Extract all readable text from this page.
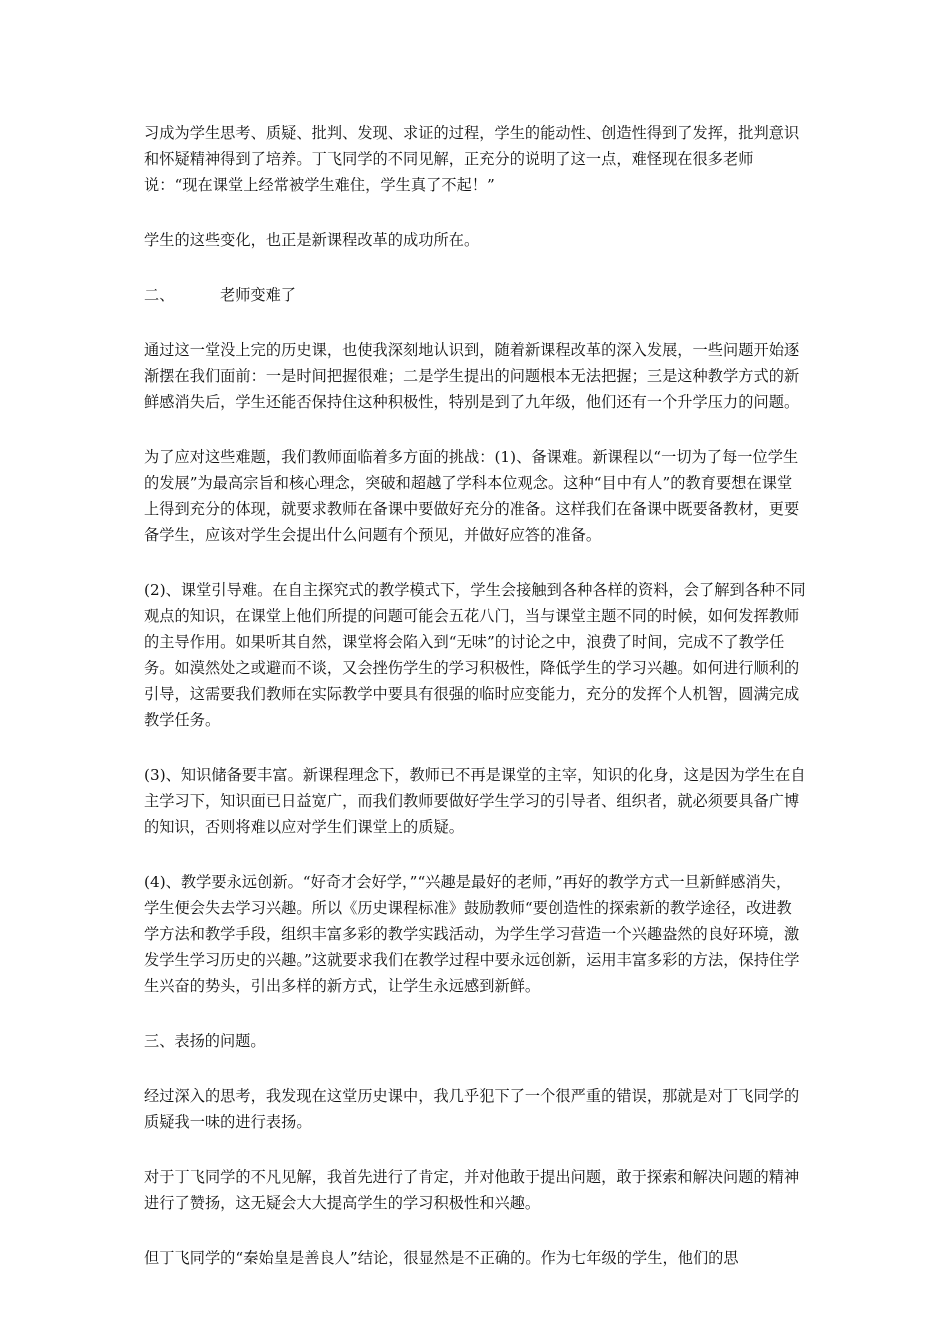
习成为学生思考、质疑、批判、发现、求证的过程，学生的能动性、创造性得到了发挥，批判意识和怀疑精神得到了培养。丁飞同学的不同见解，正充分的说明了这一点，难怪现在很多老师说：“现在课堂上经常被学生难住，学生真了不起！”

学生的这些变化，也正是新课程改革的成功所在。

二、	老师变难了

通过这一堂没上完的历史课，也使我深刻地认识到，随着新课程改革的深入发展，一些问题开始逐渐摆在我们面前：一是时间把握很难；二是学生提出的问题根本无法把握；三是这种教学方式的新鲜感消失后，学生还能否保持住这种积极性，特别是到了九年级，他们还有一个升学压力的问题。

为了应对这些难题，我们教师面临着多方面的挑战：(1)、备课难。新课程以“一切为了每一位学生的发展”为最高宗旨和核心理念，突破和超越了学科本位观念。这种“目中有人”的教育要想在课堂上得到充分的体现，就要求教师在备课中要做好充分的准备。这样我们在备课中既要备教材，更要备学生，应该对学生会提出什么问题有个预见，并做好应答的准备。

(2)、课堂引导难。在自主探究式的教学模式下，学生会接触到各种各样的资料，会了解到各种不同观点的知识，在课堂上他们所提的问题可能会五花八门，当与课堂主题不同的时候，如何发挥教师的主导作用。如果听其自然，课堂将会陷入到“无味”的讨论之中，浪费了时间，完成不了教学任务。如漠然处之或避而不谈，又会挫伤学生的学习积极性，降低学生的学习兴趣。如何进行顺利的引导，这需要我们教师在实际教学中要具有很强的临时应变能力，充分的发挥个人机智，圆满完成教学任务。

(3)、知识储备要丰富。新课程理念下，教师已不再是课堂的主宰，知识的化身，这是因为学生在自主学习下，知识面已日益宽广，而我们教师要做好学生学习的引导者、组织者，就必须要具备广博的知识，否则将难以应对学生们课堂上的质疑。

(4)、教学要永远创新。“好奇才会好学，”“兴趣是最好的老师，”再好的教学方式一旦新鲜感消失，学生便会失去学习兴趣。所以《历史课程标准》鼓励教师“要创造性的探索新的教学途径，改进教学方法和教学手段，组织丰富多彩的教学实践活动，为学生学习营造一个兴趣盎然的良好环境，激发学生学习历史的兴趣。”这就要求我们在教学过程中要永远创新，运用丰富多彩的方法，保持住学生兴奋的势头，引出多样的新方式，让学生永远感到新鲜。

三、表扬的问题。

经过深入的思考，我发现在这堂历史课中，我几乎犯下了一个很严重的错误，那就是对丁飞同学的质疑我一味的进行表扬。

对于丁飞同学的不凡见解，我首先进行了肯定，并对他敢于提出问题，敢于探索和解决问题的精神进行了赞扬，这无疑会大大提高学生的学习积极性和兴趣。

但丁飞同学的“秦始皇是善良人”结论，很显然是不正确的。作为七年级的学生，他们的思
